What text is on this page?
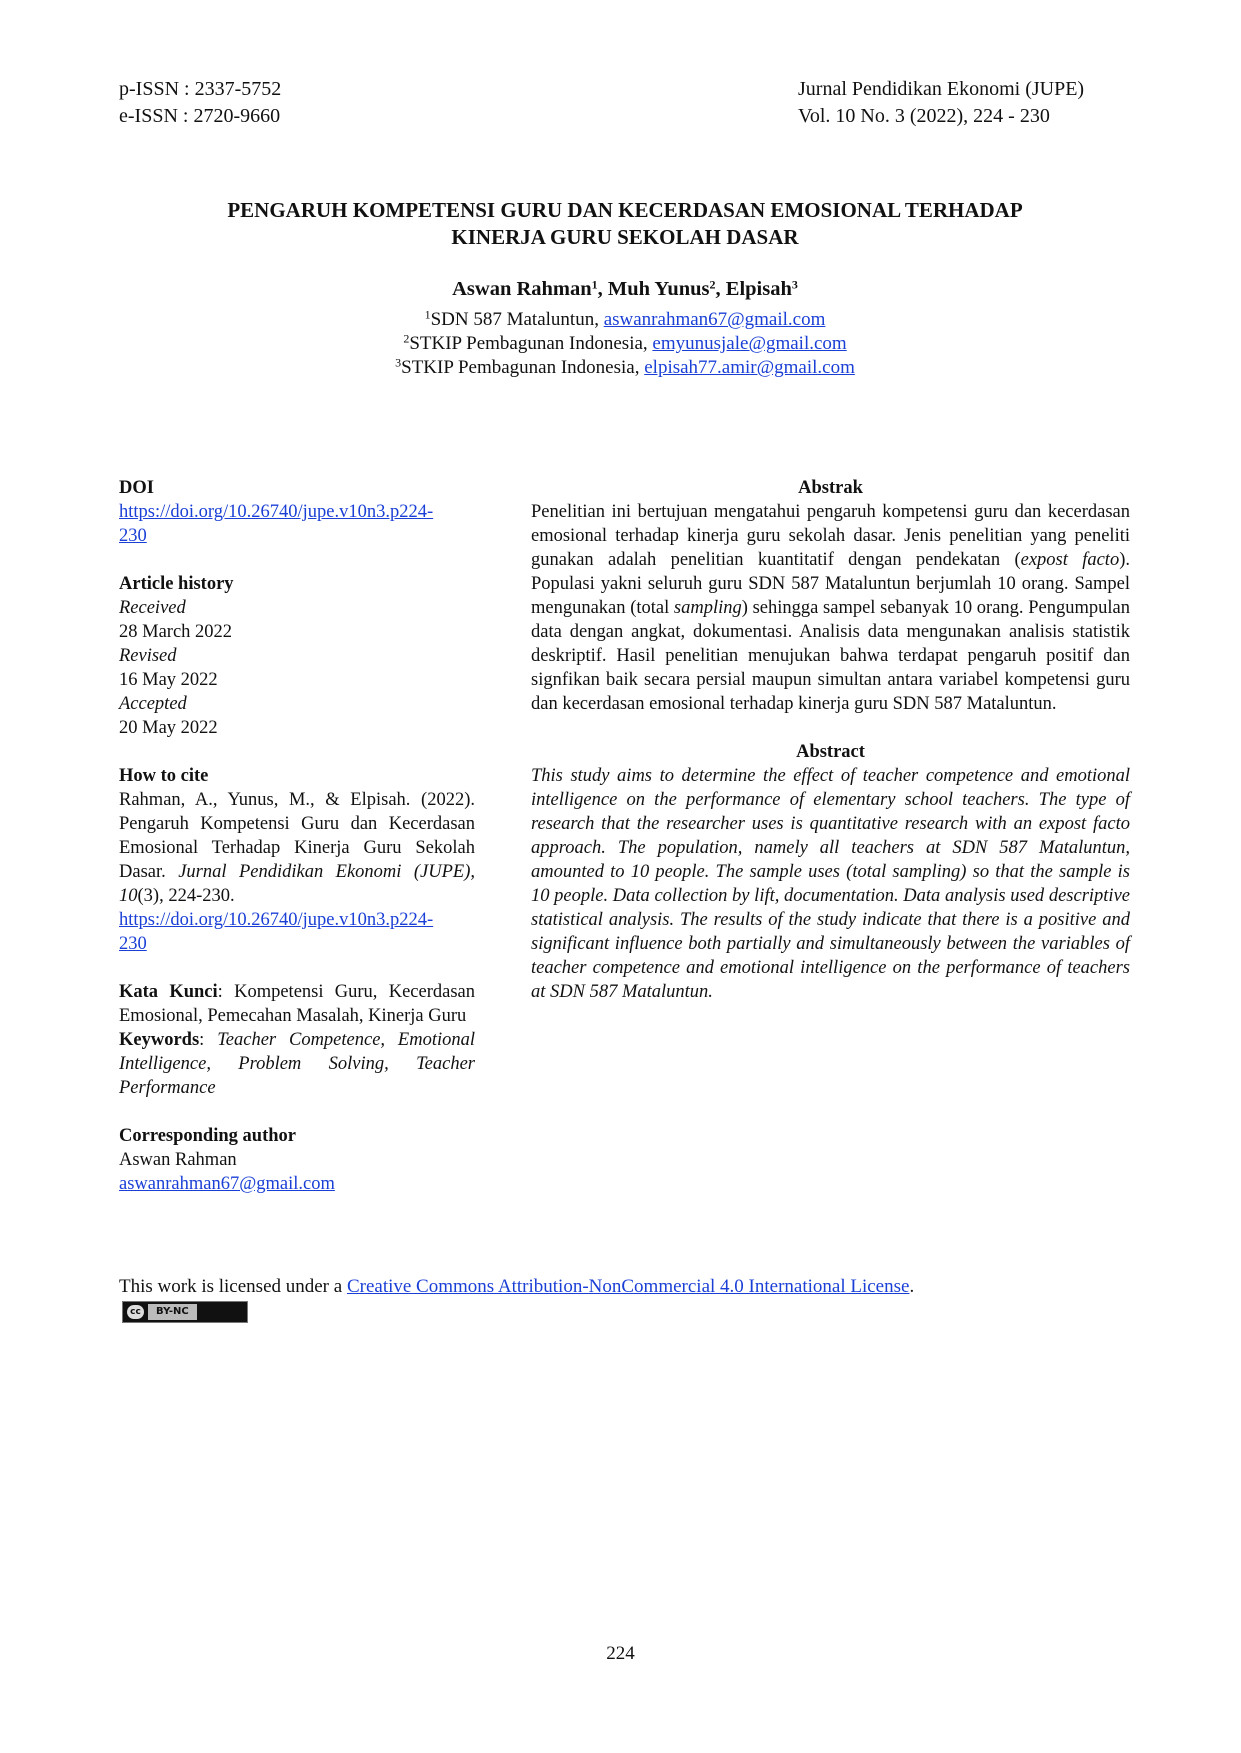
p-ISSN : 2337-5752
e-ISSN : 2720-9660
Jurnal Pendidikan Ekonomi (JUPE)
Vol. 10 No. 3 (2022), 224 - 230
PENGARUH KOMPETENSI GURU DAN KECERDASAN EMOSIONAL TERHADAP
KINERJA GURU SEKOLAH DASAR
Aswan Rahman$^1$, Muh Yunus$^2$, Elpisah$^3$
$^1$SDN 587 Mataluntun, aswanrahman67@gmail.com
$^2$STKIP Pembagunan Indonesia, emyunusjale@gmail.com
$^3$STKIP Pembagunan Indonesia, elpisah77.amir@gmail.com
DOI
https://doi.org/10.26740/jupe.v10n3.p224-
230
Article history
Received
28 March 2022
Revised
16 May 2022
Accepted
20 May 2022
How to cite
Rahman, A., Yunus, M., & Elpisah. (2022). Pengaruh Kompetensi Guru dan Kecerdasan Emosional Terhadap Kinerja Guru Sekolah Dasar. Jurnal Pendidikan Ekonomi (JUPE), 10(3), 224-230.
https://doi.org/10.26740/jupe.v10n3.p224-
230
Kata Kunci: Kompetensi Guru, Kecerdasan Emosional, Pemecahan Masalah, Kinerja Guru
Keywords: Teacher Competence, Emotional Intelligence, Problem Solving, Teacher Performance
Corresponding author
Aswan Rahman
aswanrahman67@gmail.com
Abstrak
Penelitian ini bertujuan mengatahui pengaruh kompetensi guru dan kecerdasan emosional terhadap kinerja guru sekolah dasar. Jenis penelitian yang peneliti gunakan adalah penelitian kuantitatif dengan pendekatan (expost facto). Populasi yakni seluruh guru SDN 587 Mataluntun berjumlah 10 orang. Sampel mengunakan (total sampling) sehingga sampel sebanyak 10 orang. Pengumpulan data dengan angkat, dokumentasi. Analisis data mengunakan analisis statistik deskriptif. Hasil penelitian menujukan bahwa terdapat pengaruh positif dan signfikan baik secara persial maupun simultan antara variabel kompetensi guru dan kecerdasan emosional terhadap kinerja guru SDN 587 Mataluntun.
Abstract
This study aims to determine the effect of teacher competence and emotional intelligence on the performance of elementary school teachers. The type of research that the researcher uses is quantitative research with an expost facto approach. The population, namely all teachers at SDN 587 Mataluntun, amounted to 10 people. The sample uses (total sampling) so that the sample is 10 people. Data collection by lift, documentation. Data analysis used descriptive statistical analysis. The results of the study indicate that there is a positive and significant influence both partially and simultaneously between the variables of teacher competence and emotional intelligence on the performance of teachers at SDN 587 Mataluntun.
This work is licensed under a Creative Commons Attribution-NonCommercial 4.0 International License.
cc	BY-NC
224
